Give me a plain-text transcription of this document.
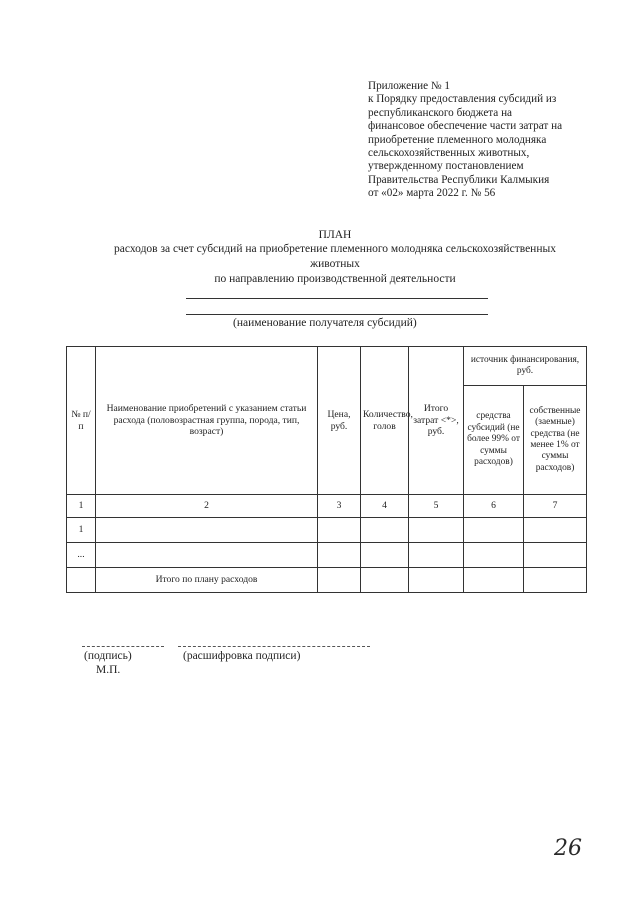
Приложение № 1
к Порядку предоставления субсидий из
республиканского бюджета на
финансовое обеспечение части затрат на
приобретение племенного молодняка
сельскохозяйственных животных,
утвержденному постановлением
Правительства Республики Калмыкия
от «02» марта 2022 г. № 56
ПЛАН
расходов за счет субсидий на приобретение племенного молодняка сельскохозяйственных
животных
по направлению производственной деятельности
(наименование получателя субсидий)
№ п/п	Наименование приобретений с указанием статьи расхода (половозрастная группа, порода, тип, возраст)	Цена, руб.	Количество, голов	Итого затрат <*>, руб.	источник финансирования, руб.	
					средства субсидий (не более 99% от суммы расходов)	собственные (заемные) средства (не менее 1% от суммы расходов)
1	2	3	4	5	6	7
1						
...						
	Итого по плану расходов					
(подпись)	(расшифровка подписи)
М.П.
26
